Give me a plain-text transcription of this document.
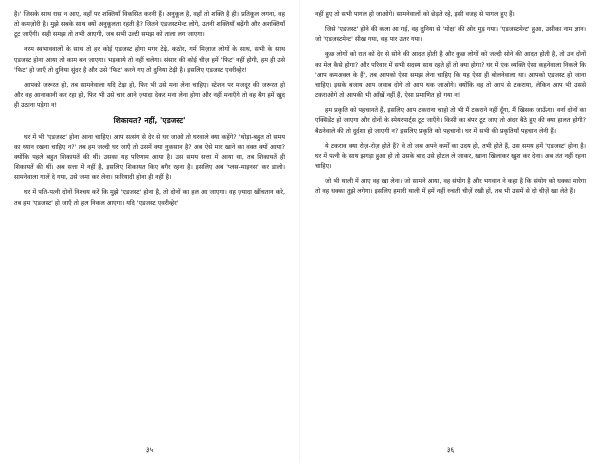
है।' जिसके साथ रास न आए, वहाँ पर शक्तियाँ विकसित करनी हैं। अनुकूल है, वहाँ तो शक्ति है ही। प्रतिकूल लगना, वह तो कमज़ोरी है। मुझे सबके साथ क्यों अनुकूलता रहती है? जितने एडजस्टमेन्ट लोगे, उतनी शक्तियाँ बढ़ेंगी और अशक्तियाँ टूट जाएँगी। सही समझ तो तभी आएगी, जब सभी उल्टी समझ को ताला लग जाएगा।

नरम स्वभाववालों के साथ तो हर कोई एडजस्ट होगा मगर टेढ़े, कठोर, गर्म मिज़ाज लोगों के साथ, सभी के साथ एडजस्ट होना आया तो काम बन जाएगा। भड़काये तो नहीं चलेगा। संसार की कोई चीज़ हमें 'फिट' नहीं होगी, हम ही उसे 'फिट' हो जाएँ तो दुनिया सुंदर है और उसे 'फिट' करने गए तो दुनिया टेढ़ी है। इसलिए एडजस्ट एवरीव्हेर!

आपको जरूरत हो, तब सामनेवाला यदि टेढ़ा हो, फिर भी उसे मना लेना चाहिए। स्टेशन पर मजदूर की जरूरत हो और वह आनाकानी कर रहा हो, फिर भी उसे चार आने ज़्यादा देकर मना लेना होगा और नहीं मनाएँगे तो वह बैग हमें खुद ही उठाना पड़ेगा न!

शिकायत? नहीं, 'एडजस्ट'

घर में भी 'एडजस्ट' होना आना चाहिए। आप सत्संग से देर से घर जाओ तो घरवाले क्या कहेंगे? 'थोड़ा-बहुत तो समय का ध्यान रखना चाहिए न?' तब हम जल्दी घर जाएँ तो उसमें क्या नुकसान है? अब ऐसे मार खाने का वक्त क्यों आया? क्योंकि पहले बहुत शिकायतें की थीं। उसका यह परिणाम आया है। उस समय सत्ता में आया था, तब शिकायतें ही शिकायतें की थीं। अब सत्ता में नहीं है, इसलिए शिकायत किए बगैर रहना है। इसलिए अब 'प्लस-माइनस' कर डालो। सामनेवाला गालें दे गया, उसे जमा कर लेना। फ़रियादी होना ही नहीं है।

घर में पति-पत्नी दोनों निश्चय करें कि मुझे 'एडजस्ट' होना है, तो दोनों का हल आ जाएगा। वह ज़्यादा खींचतान करे, तब हम 'एडजस्ट' हो जाएँ तो हल निकल आएगा। यदि 'एडजस्ट एवरीव्हेर'

३५

नहीं हुए तो सभी पागल हो जाओगे। सामनेवालों को छेड़ते रहे, इसी वजह से पागल हुए हैं।

जिसे 'एडजस्ट' होने की कला आ गई, वह दुनिया से 'मोक्ष' की ओर मुड़ गया। 'एडजस्टमेन्ट' हुआ, उसीका नाम ज्ञान। जो 'एडजस्टमेन्ट' सीख गया, वह पार उतर गया।

कुछ लोगों को रात को देर से सोने की आदत होती है और कुछ लोगों को जल्दी सोने की आदत होती है, तो उन दोनों का मेल कैसे होगा? और परिवार में सभी सदस्य साथ रहते हों तो क्या होगा? घर में एक व्यक्ति ऐसा कहनेवाला निकले कि 'आप कमअक्ल के हैं', तब आपको ऐसा समझ लेना चाहिए कि यह ऐसा ही बोलनेवाला था। आपको एडजस्ट हो जाना चाहिए। इसके बजाय आप जवाब दोगे तो आप थक जाओगे। क्योंकि वह तो आप से टकराया, लेकिन आप भी उससे टकराओगे तो आपकी भी आँखें नहीं हैं, ऐसा प्रमाणित हो गया न!

हम प्रकृति को पहचानते हैं, इसलिए आप टकराना चाहो तो भी मैं टकराने नहीं दूँगा, मैं खिसक जाऊँगा। वर्ना दोनों का एक्सिडेंट हो जाएगा और दोनों के स्पेयरपार्ट्स टूट जाएँगे। किसी का बंपर टूट जाए तो अंदर बैठे हुए की क्या हालत होगी? बैठनेवाले की तो दुर्दशा हो जाएगी न? इसलिए प्रकृति को पहचानो। घर में सभी की प्रकृतियाँ पहचान लेनी हैं।

ये टकराव क्या रोज़-रोज़ होते हैं? वे तो जब अपने कर्मों का उदय हो, तभी होते हैं, उस समय हमें 'एडजस्ट' होना है। घर में पत्नी के साथ झगड़ा हुआ हो तो उसके बाद उसे होटल ले जाकर, खाना खिलाकर खुश कर देना। अब तंत नहीं रहना चाहिए।

जो भी थाली में आए वह खा लेना। जो सामने आया, वह संयोग है और भगवान ने कहा है कि संयोग को धक्का मारेगा तो वह धक्का तुझे लगेगा। इसलिए हमारी थाली में हमें नहीं रुचती चीज़ें रखी हों, तब भी उसमें से दो चीज़ें खा लेते हैं।

३६
